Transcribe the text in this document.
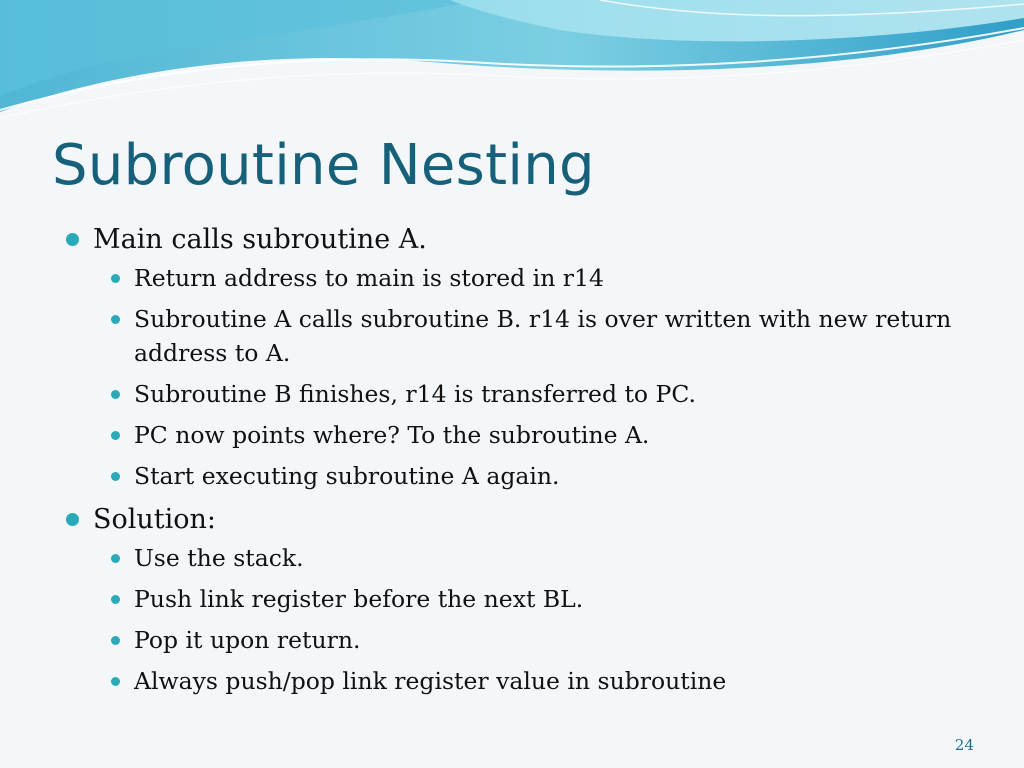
Subroutine Nesting
Main calls subroutine A.
Return address to main is stored in r14
Subroutine A calls subroutine B. r14 is over written with new return address to A.
Subroutine B finishes, r14 is transferred to PC.
PC now points where? To the subroutine A.
Start executing subroutine A again.
Solution:
Use the stack.
Push link register before the next BL.
Pop it upon return.
Always push/pop link register value in subroutine
24
